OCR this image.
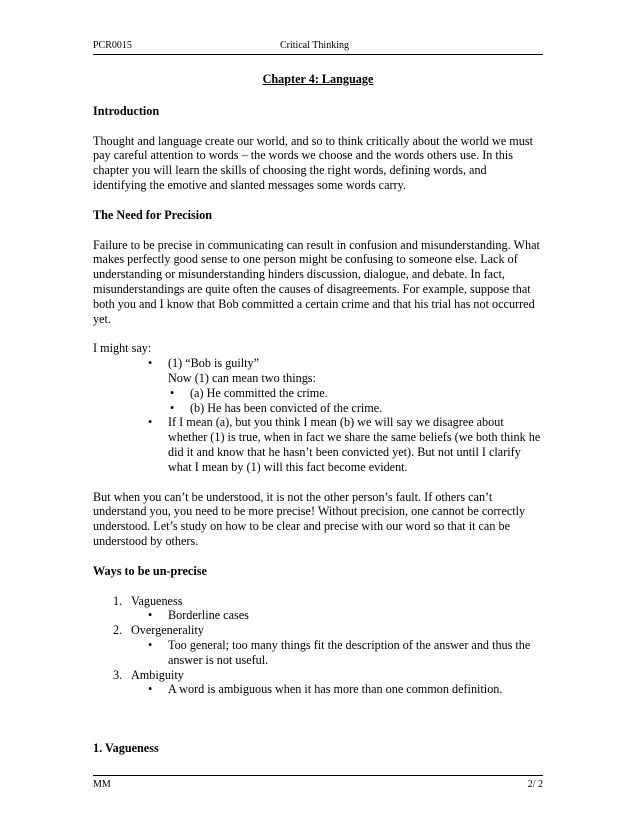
PCR0015	Critical Thinking
Chapter 4: Language
Introduction

Thought and language create our world, and so to think critically about the world we must pay careful attention to words – the words we choose and the words others use. In this chapter you will learn the skills of choosing the right words, defining words, and identifying the emotive and slanted messages some words carry.

The Need for Precision

Failure to be precise in communicating can result in confusion and misunderstanding. What makes perfectly good sense to one person might be confusing to someone else. Lack of understanding or misunderstanding hinders discussion, dialogue, and debate. In fact, misunderstandings are quite often the causes of disagreements. For example, suppose that both you and I know that Bob committed a certain crime and that his trial has not occurred yet.

I might say:
• (1) “Bob is guilty”
Now (1) can mean two things:
• (a) He committed the crime.
• (b) He has been convicted of the crime.
• If I mean (a), but you think I mean (b) we will say we disagree about whether (1) is true, when in fact we share the same beliefs (we both think he did it and know that he hasn’t been convicted yet). But not until I clarify what I mean by (1) will this fact become evident.

But when you can’t be understood, it is not the other person’s fault. If others can’t understand you, you need to be more precise! Without precision, one cannot be correctly understood. Let’s study on how to be clear and precise with our word so that it can be understood by others.

Ways to be un-precise
1. Vagueness
• Borderline cases
2. Overgenerality
• Too general; too many things fit the description of the answer and thus the answer is not useful.
3. Ambiguity
• A word is ambiguous when it has more than one common definition.
1. Vagueness
MM	2/ 2
